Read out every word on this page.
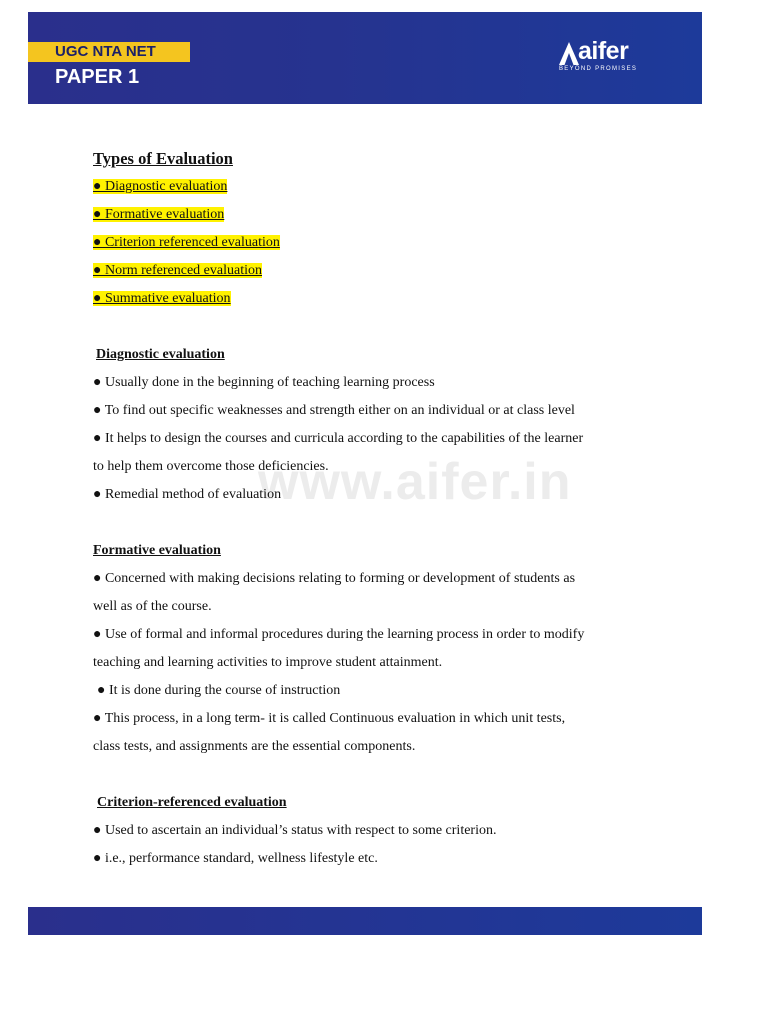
UGC NTA NET
PAPER 1
aifer
BEYOND PROMISES
www.aifer.in
Types of Evaluation
● Diagnostic evaluation
● Formative evaluation
● Criterion referenced evaluation
● Norm referenced evaluation
● Summative evaluation
Diagnostic evaluation
● Usually done in the beginning of teaching learning process
● To find out specific weaknesses and strength either on an individual or at class level
● It helps to design the courses and curricula according to the capabilities of the learner
to help them overcome those deficiencies.
● Remedial method of evaluation
Formative evaluation
● Concerned with making decisions relating to forming or development of students as
well as of the course.
● Use of formal and informal procedures during the learning process in order to modify
teaching and learning activities to improve student attainment.
● It is done during the course of instruction
● This process, in a long term- it is called Continuous evaluation in which unit tests,
class tests, and assignments are the essential components.
Criterion-referenced evaluation
● Used to ascertain an individual’s status with respect to some criterion.
● i.e., performance standard, wellness lifestyle etc.
